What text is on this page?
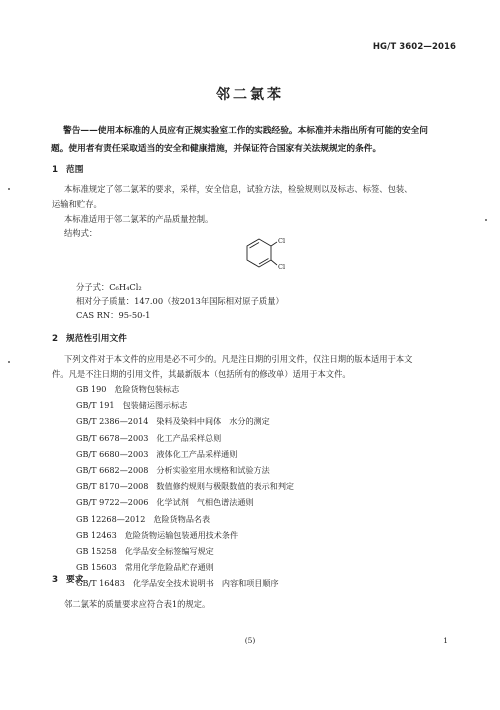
HG/T 3602—2016
邻二氯苯
警告——使用本标准的人员应有正规实验室工作的实践经验。本标准并未指出所有可能的安全问
题。使用者有责任采取适当的安全和健康措施，并保证符合国家有关法规规定的条件。
1 范围
本标准规定了邻二氯苯的要求，采样，安全信息，试验方法，检验规则以及标志、标签、包装、
运输和贮存。
本标准适用于邻二氯苯的产品质量控制。
结构式：
Cl
Cl
分子式：C₆H₄Cl₂
相对分子质量：147.00（按2013年国际相对原子质量）
CAS RN：95-50-1
2 规范性引用文件
下列文件对于本文件的应用是必不可少的。凡是注日期的引用文件，仅注日期的版本适用于本文
件。凡是不注日期的引用文件，其最新版本（包括所有的修改单）适用于本文件。
GB 190 危险货物包装标志
GB/T 191 包装储运图示标志
GB/T 2386—2014 染料及染料中间体　水分的测定
GB/T 6678—2003 化工产品采样总则
GB/T 6680—2003 液体化工产品采样通则
GB/T 6682—2008 分析实验室用水规格和试验方法
GB/T 8170—2008 数值修约规则与极限数值的表示和判定
GB/T 9722—2006 化学试剂　气相色谱法通则
GB 12268—2012 危险货物品名表
GB 12463 危险货物运输包装通用技术条件
GB 15258 化学品安全标签编写规定
GB 15603 常用化学危险品贮存通则
GB/T 16483 化学品安全技术说明书　内容和项目顺序
3 要求
邻二氯苯的质量要求应符合表1的规定。
(5)	1
